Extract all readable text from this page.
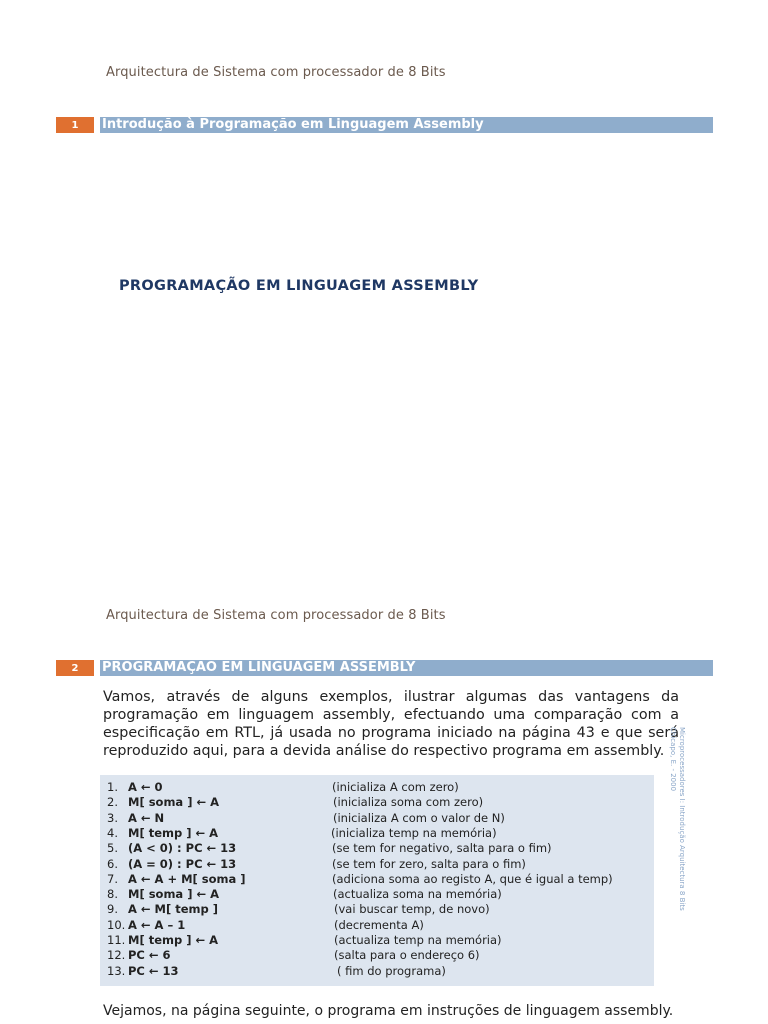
Arquitectura de Sistema com processador de 8 Bits
1	Introdução à Programação em Linguagem Assembly
PROGRAMAÇÃO EM LINGUAGEM ASSEMBLY
Arquitectura de Sistema com processador de 8 Bits
2	PROGRAMAÇAO EM LINGUAGEM ASSEMBLY
Vamos, através de alguns exemplos, ilustrar algumas das vantagens da programação em linguagem assembly, efectuando uma comparação com a especificação em RTL, já usada no programa iniciado na página 43 e que será reproduzido aqui, para a devida análise do respectivo programa em assembly.
1. A ← 0	(inicializa A com zero)
2. M[ soma ] ← A	(inicializa soma com zero)
3. A ← N	(inicializa A com o valor de N)
4. M[ temp ] ← A	(inicializa temp na memória)
5. (A < 0) : PC ← 13	(se tem for negativo, salta para o fim)
6. (A = 0) : PC ← 13	(se tem for zero, salta para o fim)
7. A ← A + M[ soma ]	(adiciona soma ao registo A, que é igual a temp)
8. M[ soma ] ← A	(actualiza soma na memória)
9. A ← M[ temp ]	(vai buscar temp, de novo)
10. A ← A – 1	(decrementa A)
11. M[ temp ] ← A	(actualiza temp na memória)
12. PC ← 6	(salta para o endereço 6)
13. PC ← 13	( fim do programa)
Vejamos, na página seguinte, o programa em instruções de linguagem assembly.
Microprocessadores I: Introdução Arquitectura 8 Bits
Chicapo, E. - 2000
